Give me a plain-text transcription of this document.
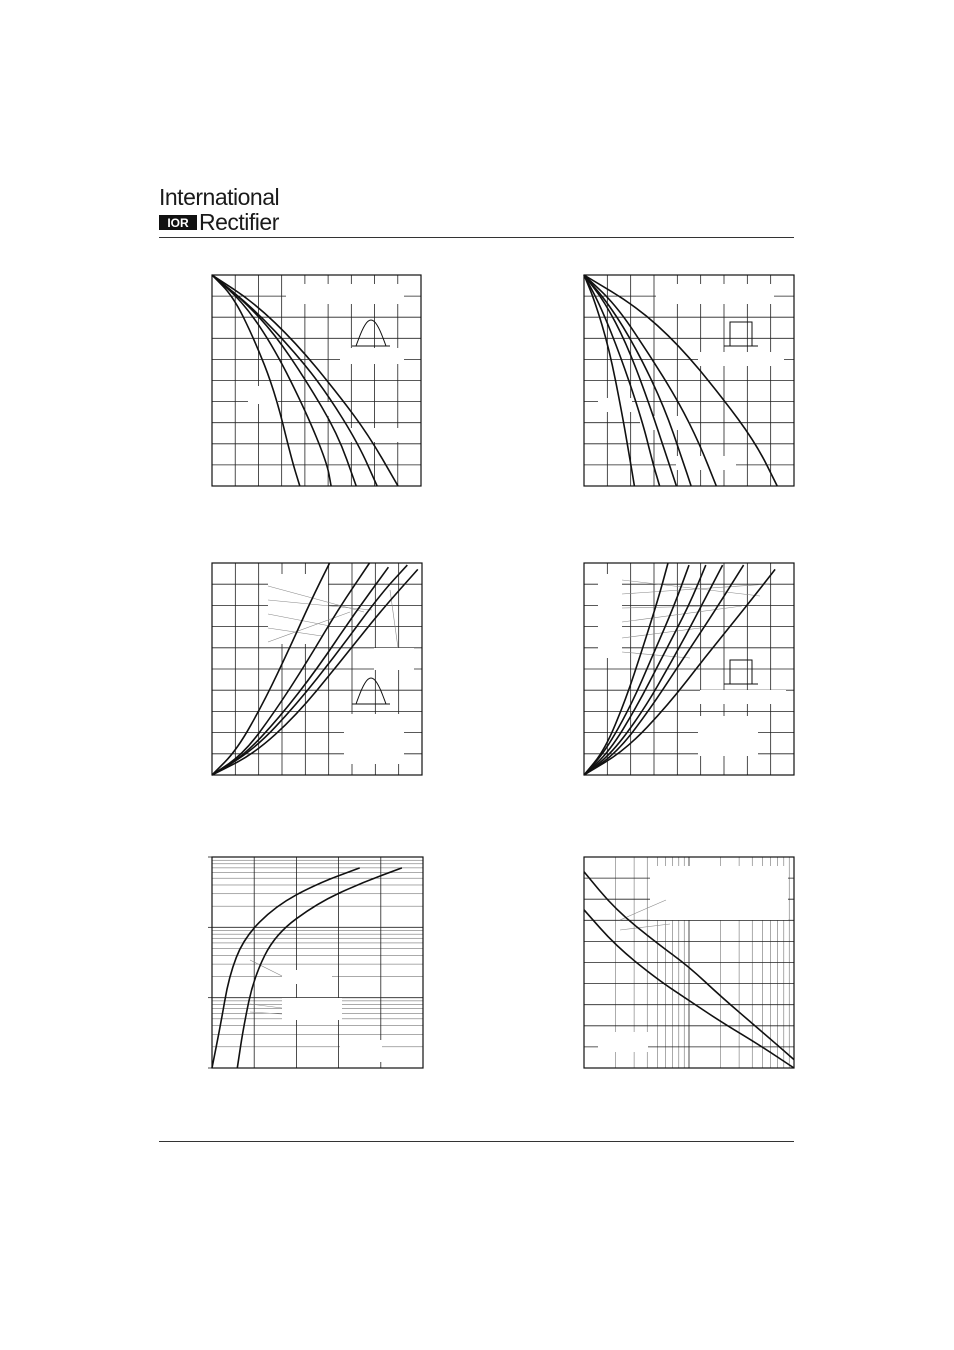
International
IOR Rectifier
